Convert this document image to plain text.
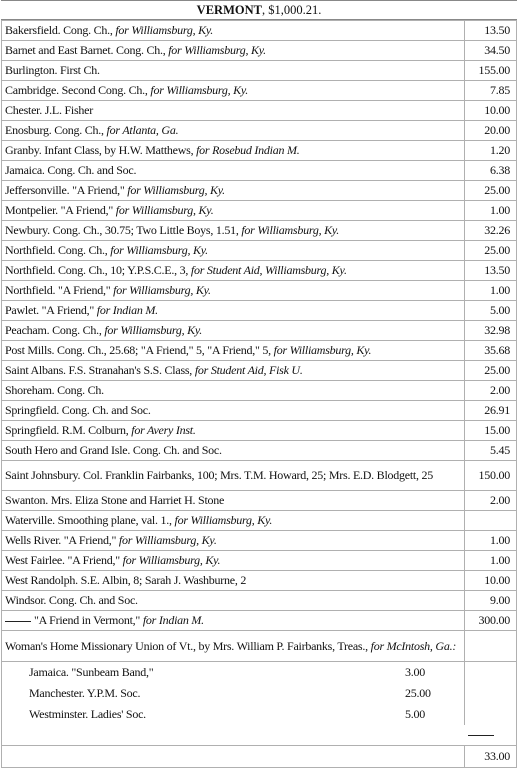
VERMONT, $1,000.21.
Bakersfield. Cong. Ch., for Williamsburg, Ky.	13.50
Barnet and East Barnet. Cong. Ch., for Williamsburg, Ky.	34.50
Burlington. First Ch.	155.00
Cambridge. Second Cong. Ch., for Williamsburg, Ky.	7.85
Chester. J.L. Fisher	10.00
Enosburg. Cong. Ch., for Atlanta, Ga.	20.00
Granby. Infant Class, by H.W. Matthews, for Rosebud Indian M.	1.20
Jamaica. Cong. Ch. and Soc.	6.38
Jeffersonville. "A Friend," for Williamsburg, Ky.	25.00
Montpelier. "A Friend," for Williamsburg, Ky.	1.00
Newbury. Cong. Ch., 30.75; Two Little Boys, 1.51, for Williamsburg, Ky.	32.26
Northfield. Cong. Ch., for Williamsburg, Ky.	25.00
Northfield. Cong. Ch., 10; Y.P.S.C.E., 3, for Student Aid, Williamsburg, Ky.	13.50
Northfield. "A Friend," for Williamsburg, Ky.	1.00
Pawlet. "A Friend," for Indian M.	5.00
Peacham. Cong. Ch., for Williamsburg, Ky.	32.98
Post Mills. Cong. Ch., 25.68; "A Friend," 5, "A Friend," 5, for Williamsburg, Ky.	35.68
Saint Albans. F.S. Stranahan's S.S. Class, for Student Aid, Fisk U.	25.00
Shoreham. Cong. Ch.	2.00
Springfield. Cong. Ch. and Soc.	26.91
Springfield. R.M. Colburn, for Avery Inst.	15.00
South Hero and Grand Isle. Cong. Ch. and Soc.	5.45
Saint Johnsbury. Col. Franklin Fairbanks, 100; Mrs. T.M. Howard, 25; Mrs. E.D. Blodgett, 25	150.00
Swanton. Mrs. Eliza Stone and Harriet H. Stone	2.00
Waterville. Smoothing plane, val. 1., for Williamsburg, Ky.	
Wells River. "A Friend," for Williamsburg, Ky.	1.00
West Fairlee. "A Friend," for Williamsburg, Ky.	1.00
West Randolph. S.E. Albin, 8; Sarah J. Washburne, 2	10.00
Windsor. Cong. Ch. and Soc.	9.00
"A Friend in Vermont," for Indian M.	300.00
Woman's Home Missionary Union of Vt., by Mrs. William P. Fairbanks, Treas., for McIntosh, Ga.:	
Jamaica. "Sunbeam Band,"	3.00
Manchester. Y.P.M. Soc.	25.00
Westminster. Ladies' Soc.	5.00

	33.00
